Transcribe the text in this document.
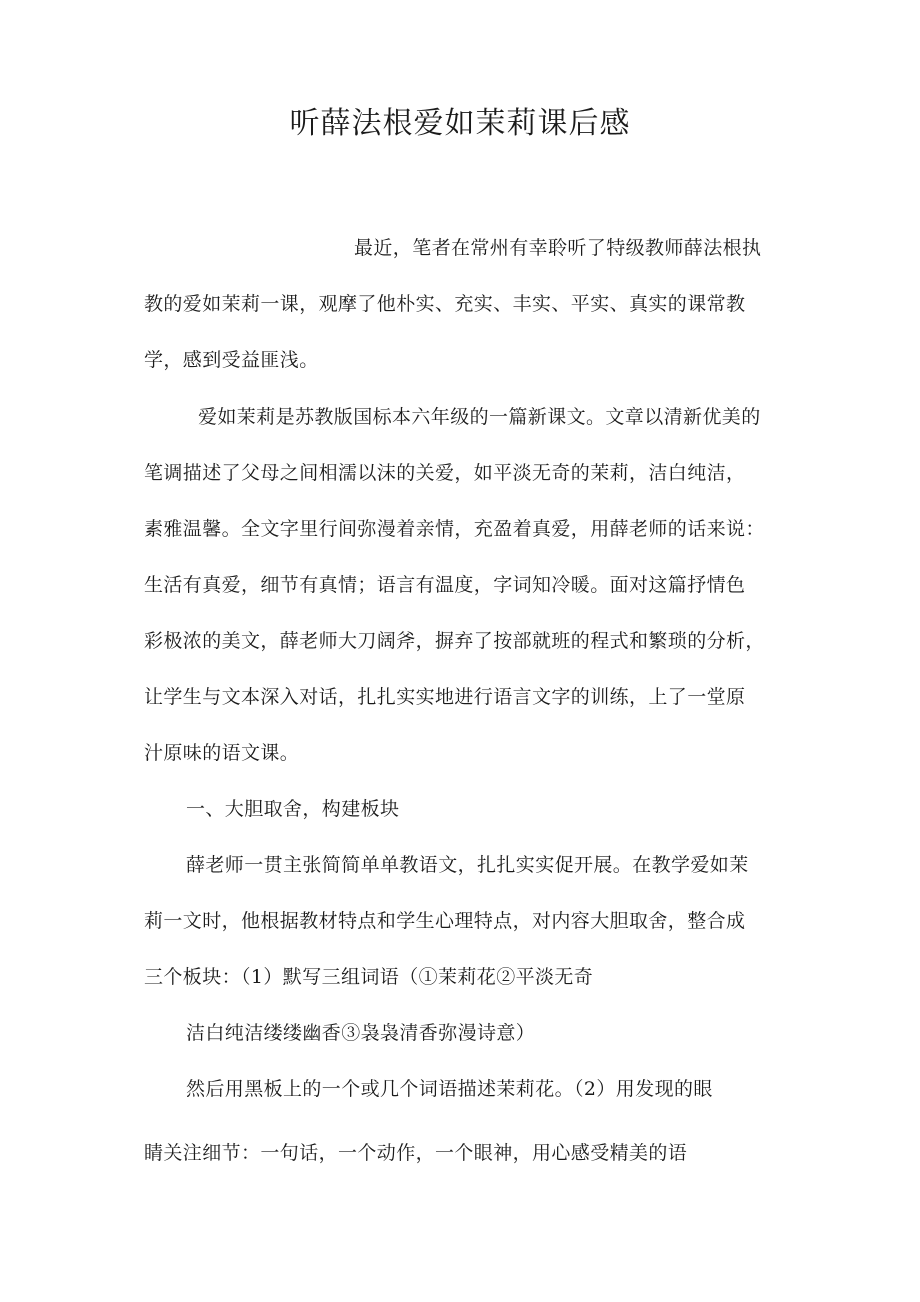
听薛法根爱如茉莉课后感
最近，笔者在常州有幸聆听了特级教师薛法根执
教的爱如茉莉一课，观摩了他朴实、充实、丰实、平实、真实的课常教
学，感到受益匪浅。
爱如茉莉是苏教版国标本六年级的一篇新课文。文章以清新优美的
笔调描述了父母之间相濡以沫的关爱，如平淡无奇的茉莉，洁白纯洁，
素雅温馨。全文字里行间弥漫着亲情，充盈着真爱，用薛老师的话来说：
生活有真爱，细节有真情；语言有温度，字词知冷暖。面对这篇抒情色
彩极浓的美文，薛老师大刀阔斧，摒弃了按部就班的程式和繁琐的分析，
让学生与文本深入对话，扎扎实实地进行语言文字的训练，上了一堂原
汁原味的语文课。
一、大胆取舍，构建板块
薛老师一贯主张简简单单教语文，扎扎实实促开展。在教学爱如茉
莉一文时，他根据教材特点和学生心理特点，对内容大胆取舍，整合成
三个板块：（1）默写三组词语（①茉莉花②平淡无奇
洁白纯洁缕缕幽香③袅袅清香弥漫诗意）
然后用黑板上的一个或几个词语描述茉莉花。（2）用发现的眼
睛关注细节：一句话，一个动作，一个眼神，用心感受精美的语
